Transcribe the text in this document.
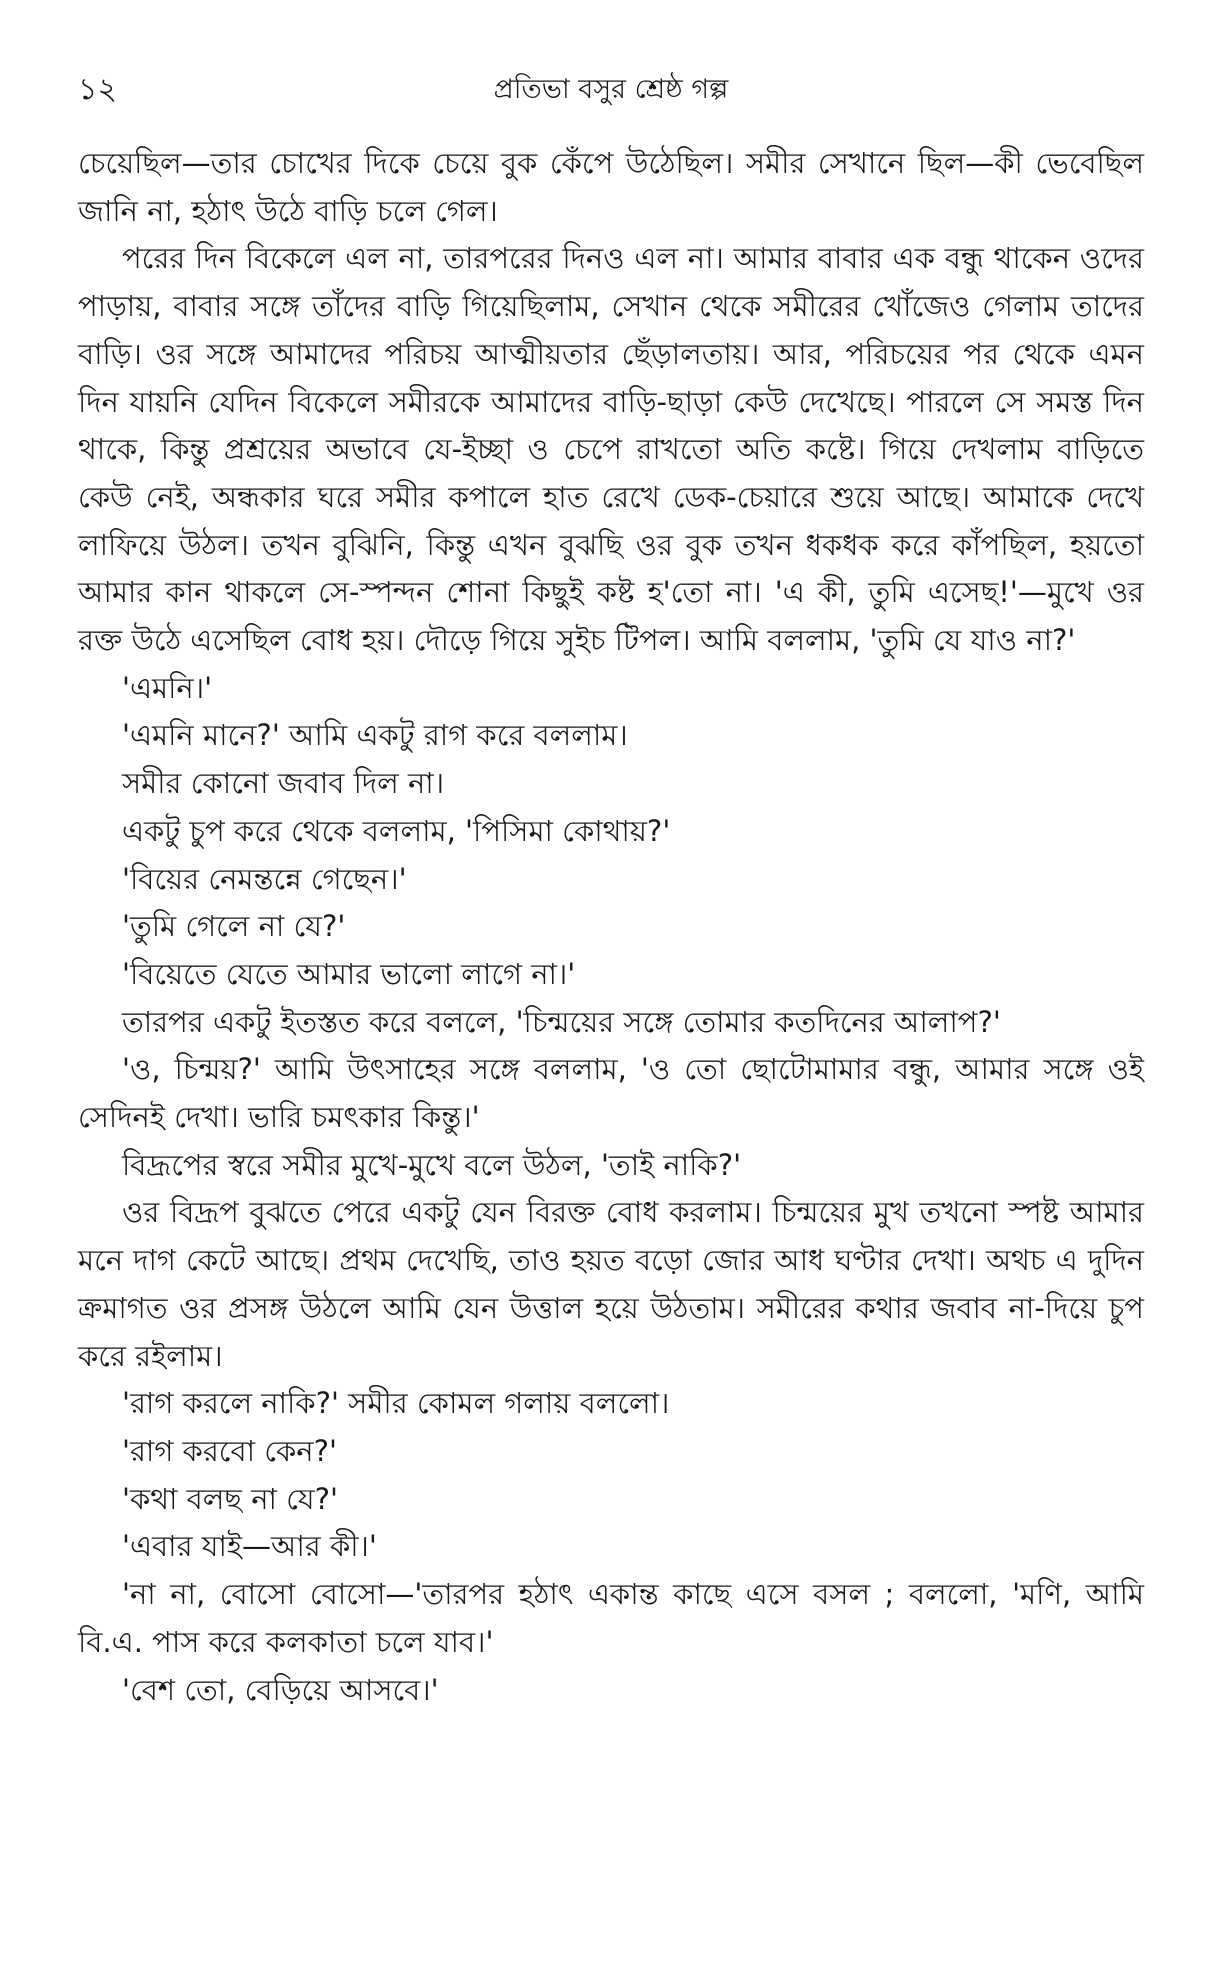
১২	প্রতিভা বসুর শ্রেষ্ঠ গল্প

চেয়েছিল—তার চোখের দিকে চেয়ে বুক কেঁপে উঠেছিল। সমীর সেখানে ছিল—কী ভেবেছিল জানি না, হঠাৎ উঠে বাড়ি চলে গেল।

পরের দিন বিকেলে এল না, তারপরের দিনও এল না। আমার বাবার এক বন্ধু থাকেন ওদের পাড়ায়, বাবার সঙ্গে তাঁদের বাড়ি গিয়েছিলাম, সেখান থেকে সমীরের খোঁজেও গেলাম তাদের বাড়ি। ওর সঙ্গে আমাদের পরিচয় আত্মীয়তার ছেঁড়ালতায়। আর, পরিচয়ের পর থেকে এমন দিন যায়নি যেদিন বিকেলে সমীরকে আমাদের বাড়ি-ছাড়া কেউ দেখেছে। পারলে সে সমস্ত দিন থাকে, কিন্তু প্রশ্রয়ের অভাবে যে-ইচ্ছা ও চেপে রাখতো অতি কষ্টে। গিয়ে দেখলাম বাড়িতে কেউ নেই, অন্ধকার ঘরে সমীর কপালে হাত রেখে ডেক-চেয়ারে শুয়ে আছে। আমাকে দেখে লাফিয়ে উঠল। তখন বুঝিনি, কিন্তু এখন বুঝছি ওর বুক তখন ধকধক করে কাঁপছিল, হয়তো আমার কান থাকলে সে-স্পন্দন শোনা কিছুই কষ্ট হ'তো না। 'এ কী, তুমি এসেছ!'—মুখে ওর রক্ত উঠে এসেছিল বোধ হয়। দৌড়ে গিয়ে সুইচ টিপল। আমি বললাম, 'তুমি যে যাও না?'

'এমনি।'

'এমনি মানে?' আমি একটু রাগ করে বললাম।

সমীর কোনো জবাব দিল না।

একটু চুপ করে থেকে বললাম, 'পিসিমা কোথায়?'

'বিয়ের নেমন্তন্নে গেছেন।'

'তুমি গেলে না যে?'

'বিয়েতে যেতে আমার ভালো লাগে না।'

তারপর একটু ইতস্তত করে বললে, 'চিন্ময়ের সঙ্গে তোমার কতদিনের আলাপ?'

'ও, চিন্ময়?' আমি উৎসাহের সঙ্গে বললাম, 'ও তো ছোটোমামার বন্ধু, আমার সঙ্গে ওই সেদিনই দেখা। ভারি চমৎকার কিন্তু।'

বিদ্রূপের স্বরে সমীর মুখে-মুখে বলে উঠল, 'তাই নাকি?'

ওর বিদ্রূপ বুঝতে পেরে একটু যেন বিরক্ত বোধ করলাম। চিন্ময়ের মুখ তখনো স্পষ্ট আমার মনে দাগ কেটে আছে। প্রথম দেখেছি, তাও হয়ত বড়ো জোর আধ ঘণ্টার দেখা। অথচ এ দুদিন ক্রমাগত ওর প্রসঙ্গ উঠলে আমি যেন উত্তাল হয়ে উঠতাম। সমীরের কথার জবাব না-দিয়ে চুপ করে রইলাম।

'রাগ করলে নাকি?' সমীর কোমল গলায় বললো।

'রাগ করবো কেন?'

'কথা বলছ না যে?'

'এবার যাই—আর কী।'

'না না, বোসো বোসো—'তারপর হঠাৎ একান্ত কাছে এসে বসল ; বললো, 'মণি, আমি বি.এ. পাস করে কলকাতা চলে যাব।'

'বেশ তো, বেড়িয়ে আসবে।'
